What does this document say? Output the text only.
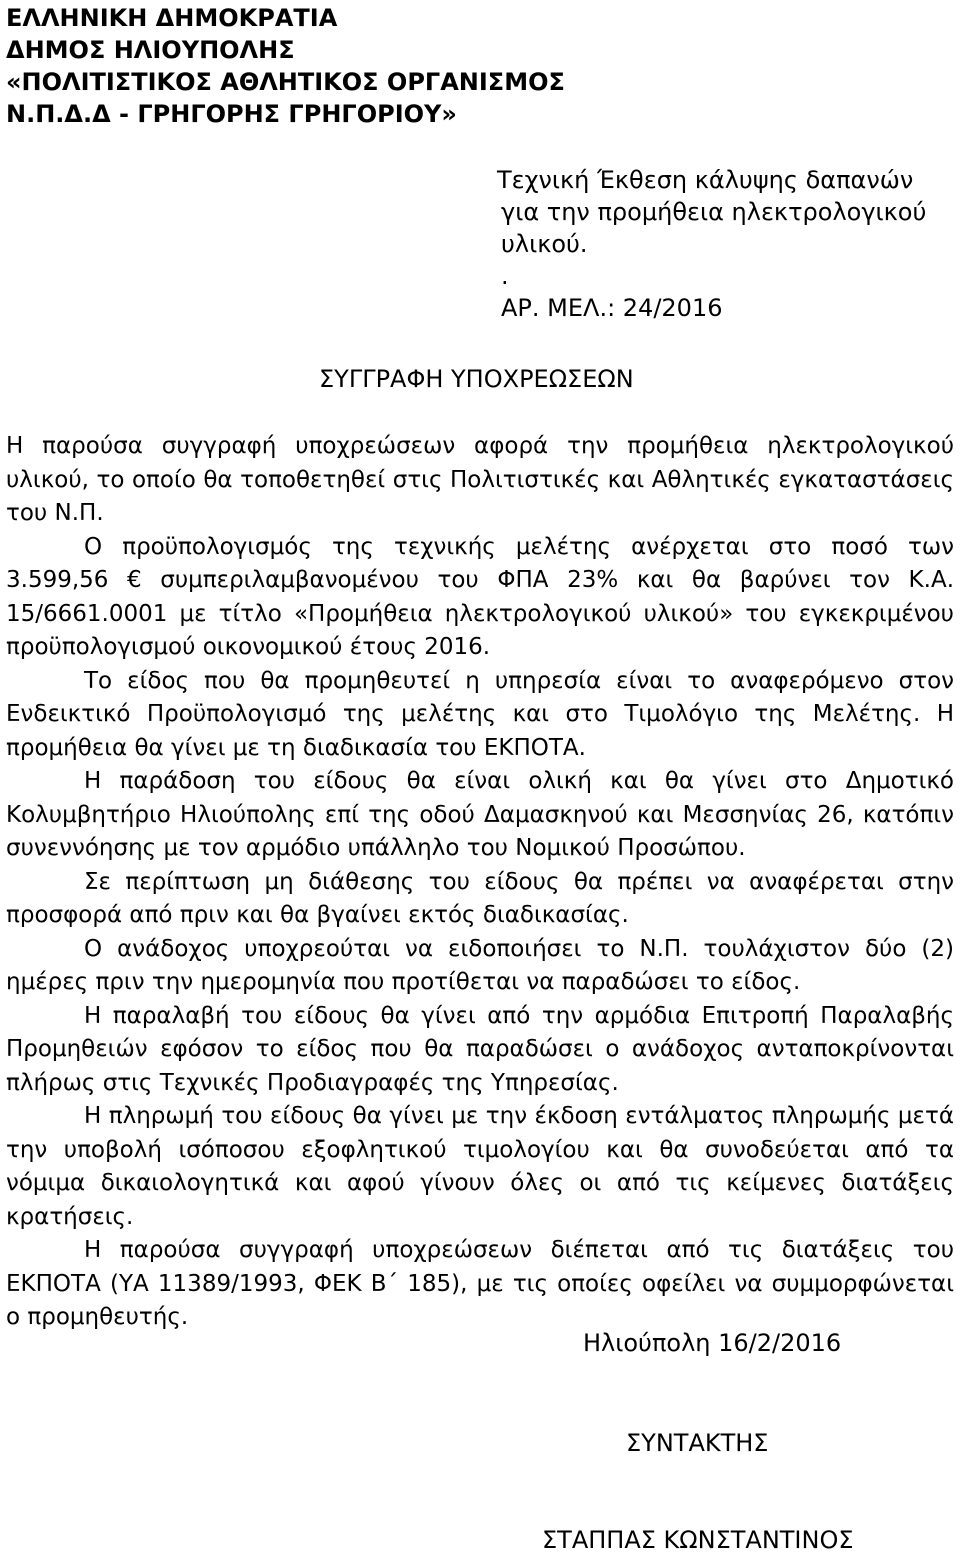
ΕΛΛΗΝΙΚΗ ΔΗΜΟΚΡΑΤΙΑ
ΔΗΜΟΣ ΗΛΙΟΥΠΟΛΗΣ
«ΠΟΛΙΤΙΣΤΙΚΟΣ ΑΘΛΗΤΙΚΟΣ ΟΡΓΑΝΙΣΜΟΣ
Ν.Π.Δ.Δ - ΓΡΗΓΟΡΗΣ ΓΡΗΓΟΡΙΟΥ»
Τεχνική Έκθεση κάλυψης δαπανών
για την προμήθεια ηλεκτρολογικού
υλικού.
.
ΑΡ. ΜΕΛ.: 24/2016
ΣΥΓΓΡΑΦΗ ΥΠΟΧΡΕΩΣΕΩΝ

Η παρούσα συγγραφή υποχρεώσεων αφορά την προμήθεια ηλεκτρολογικού υλικού, το οποίο θα τοποθετηθεί στις Πολιτιστικές και Αθλητικές εγκαταστάσεις του Ν.Π.

Ο προϋπολογισμός της τεχνικής μελέτης ανέρχεται στο ποσό των 3.599,56 € συμπεριλαμβανομένου του ΦΠΑ 23% και θα βαρύνει τον Κ.Α. 15/6661.0001 με τίτλο «Προμήθεια ηλεκτρολογικού υλικού» του εγκεκριμένου προϋπολογισμού οικονομικού έτους 2016.

Το είδος που θα προμηθευτεί η υπηρεσία είναι το αναφερόμενο στον Ενδεικτικό Προϋπολογισμό της μελέτης και στο Τιμολόγιο της Μελέτης. Η προμήθεια θα γίνει με τη διαδικασία του ΕΚΠΟΤΑ.

Η παράδοση του είδους θα είναι ολική και θα γίνει στο Δημοτικό Κολυμβητήριο Ηλιούπολης επί της οδού Δαμασκηνού και Μεσσηνίας 26, κατόπιν συνεννόησης με τον αρμόδιο υπάλληλο του Νομικού Προσώπου.

Σε περίπτωση μη διάθεσης του είδους θα πρέπει να αναφέρεται στην προσφορά από πριν και θα βγαίνει εκτός διαδικασίας.

Ο ανάδοχος υποχρεούται να ειδοποιήσει το Ν.Π. τουλάχιστον δύο (2) ημέρες πριν την ημερομηνία που προτίθεται να παραδώσει το είδος.

Η παραλαβή του είδους θα γίνει από την αρμόδια Επιτροπή Παραλαβής Προμηθειών εφόσον το είδος που θα παραδώσει ο ανάδοχος ανταποκρίνονται πλήρως στις Τεχνικές Προδιαγραφές της Υπηρεσίας.

Η πληρωμή του είδους θα γίνει με την έκδοση εντάλματος πληρωμής μετά την υποβολή ισόποσου εξοφλητικού τιμολογίου και θα συνοδεύεται από τα νόμιμα δικαιολογητικά και αφού γίνουν όλες οι από τις κείμενες διατάξεις κρατήσεις.

Η παρούσα συγγραφή υποχρεώσεων διέπεται από τις διατάξεις του ΕΚΠΟΤΑ (ΥΑ 11389/1993, ΦΕΚ Β΄ 185), με τις οποίες οφείλει να συμμορφώνεται ο προμηθευτής.

Ηλιούπολη 16/2/2016
ΣΥΝΤΑΚΤΗΣ
ΣΤΑΠΠΑΣ ΚΩΝΣΤΑΝΤΙΝΟΣ
